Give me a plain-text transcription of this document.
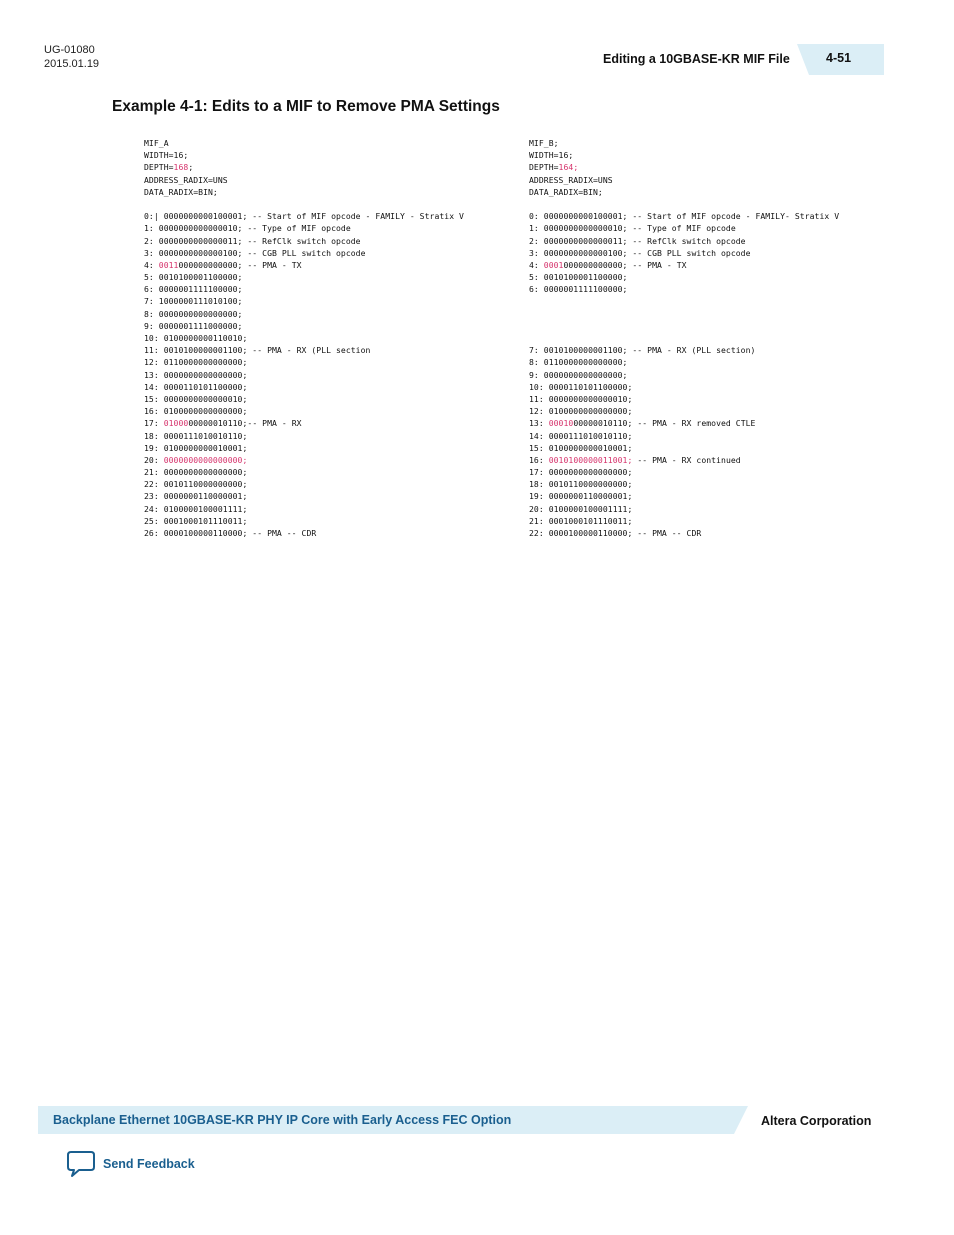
UG-01080
2015.01.19	Editing a 10GBASE-KR MIF File	4-51
Example 4-1: Edits to a MIF to Remove PMA Settings
MIF_A
WIDTH=16;
DEPTH=168;
ADDRESS_RADIX=UNS
DATA_RADIX=BIN;
0:| 0000000000100001; -- Start of MIF opcode - FAMILY - Stratix V
1: 0000000000000010; -- Type of MIF opcode
2: 0000000000000011; -- RefClk switch opcode
3: 0000000000000100; -- CGB PLL switch opcode
4: 0011000000000000; -- PMA - TX
5: 0010100001100000;
6: 0000001111100000;
7: 1000000111010100;
8: 0000000000000000;
9: 0000001111000000;
10: 0100000000110010;
11: 0010100000001100; -- PMA - RX (PLL section
12: 0110000000000000;
13: 0000000000000000;
14: 0000110101100000;
15: 0000000000000010;
16: 0100000000000000;
17: 0100000000010110;-- PMA - RX
18: 0000111010010110;
19: 0100000000010001;
20: 0000000000000000;
21: 0000000000000000;
22: 0010110000000000;
23: 0000000110000001;
24: 0100000100001111;
25: 0001000101110011;
26: 0000100000110000; -- PMA -- CDR
MIF_B;
WIDTH=16;
DEPTH=164;
ADDRESS_RADIX=UNS
DATA_RADIX=BIN;
0: 0000000000100001; -- Start of MIF opcode - FAMILY- Stratix V
1: 0000000000000010; -- Type of MIF opcode
2: 0000000000000011; -- RefClk switch opcode
3: 0000000000000100; -- CGB PLL switch opcode
4: 0001000000000000; -- PMA - TX
5: 0010100001100000;
6: 0000001111100000;
7: 0010100000001100; -- PMA - RX (PLL section)
8: 0110000000000000;
9: 0000000000000000;
10: 0000110101100000;
11: 0000000000000010;
12: 0100000000000000;
13: 0001000000010110; -- PMA - RX removed CTLE
14: 0000111010010110;
15: 0100000000010001;
16: 0010100000011001; -- PMA - RX continued
17: 0000000000000000;
18: 0010110000000000;
19: 0000000110000001;
20: 0100000100001111;
21: 0001000101110011;
22: 0000100000110000; -- PMA -- CDR
Backplane Ethernet 10GBASE-KR PHY IP Core with Early Access FEC Option	Altera Corporation
Send Feedback
